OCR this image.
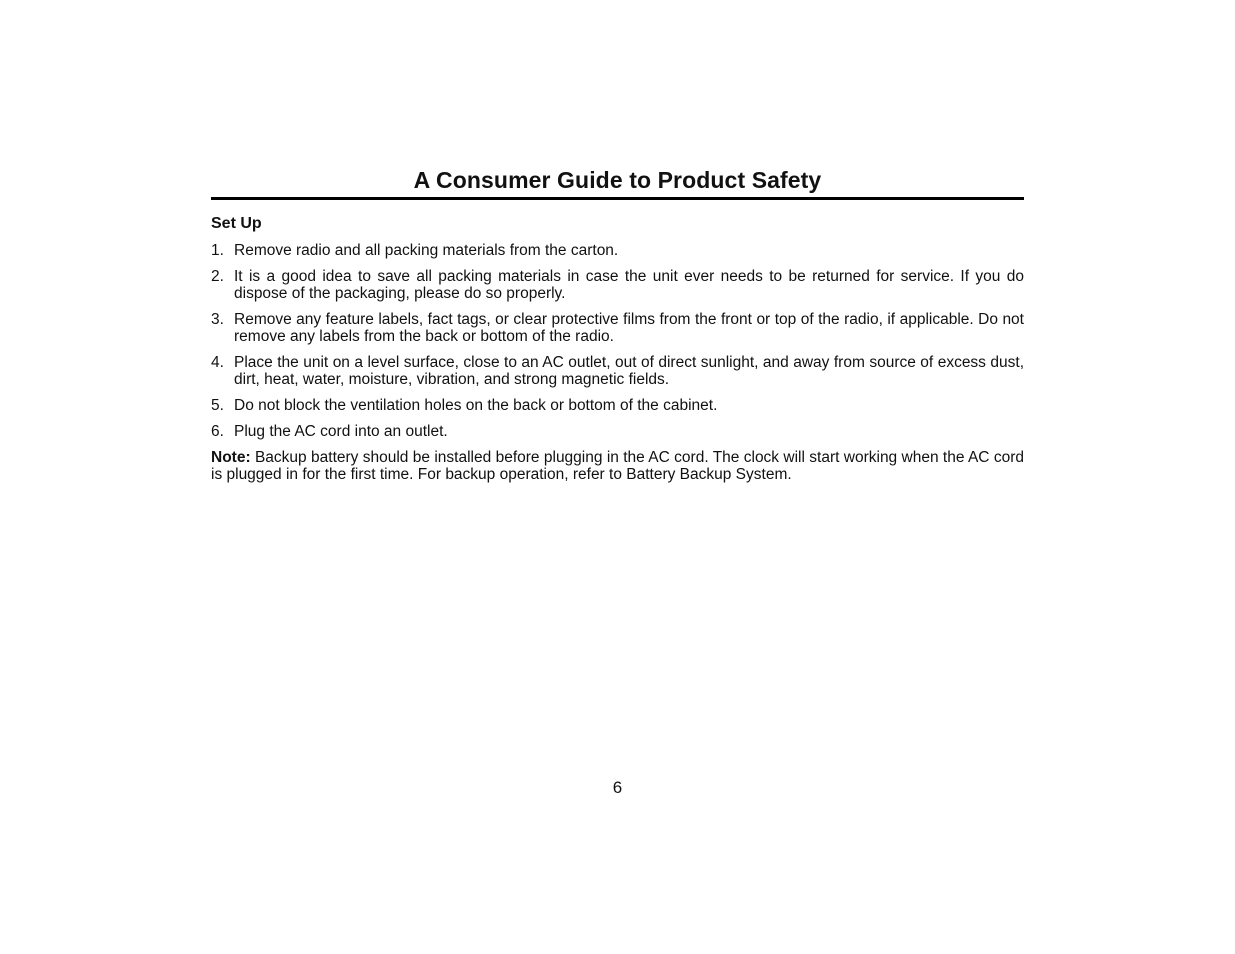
A Consumer Guide to Product Safety
Set Up
1. Remove radio and all packing materials from the carton.
2. It is a good idea to save all packing materials in case the unit ever needs to be returned for service. If you do dispose of the packaging, please do so properly.
3. Remove any feature labels, fact tags, or clear protective films from the front or top of the radio, if applicable. Do not remove any labels from the back or bottom of the radio.
4. Place the unit on a level surface, close to an AC outlet, out of direct sunlight, and away from source of excess dust, dirt, heat, water, moisture, vibration, and strong magnetic fields.
5. Do not block the ventilation holes on the back or bottom of the cabinet.
6. Plug the AC cord into an outlet.

Note: Backup battery should be installed before plugging in the AC cord. The clock will start working when the AC cord is plugged in for the first time. For backup operation, refer to Battery Backup System.

6
